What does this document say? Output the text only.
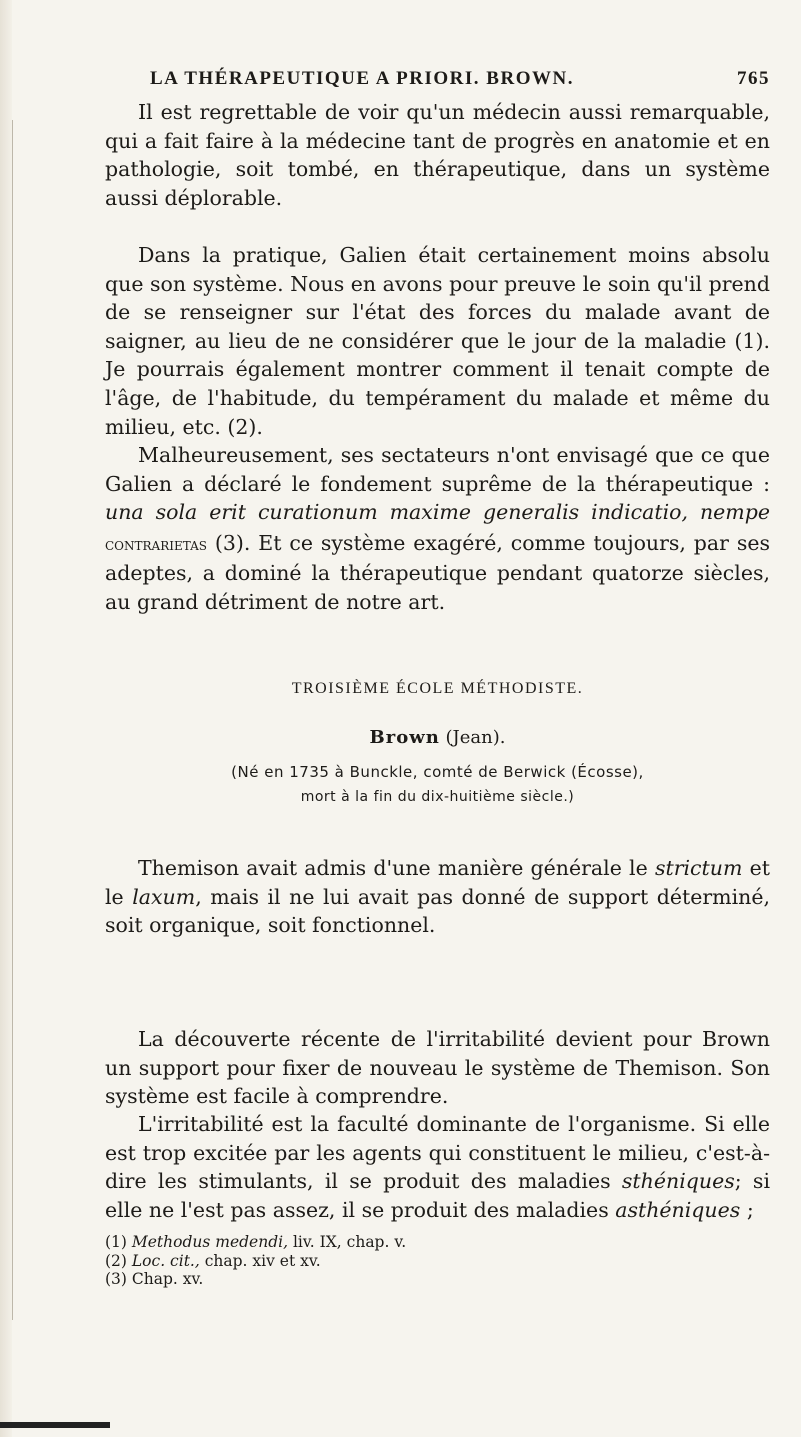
LA THÉRAPEUTIQUE A PRIORI. BROWN.	765

Il est regrettable de voir qu'un médecin aussi remarquable, qui a fait faire à la médecine tant de progrès en anatomie et en pathologie, soit tombé, en thérapeutique, dans un système aussi déplorable.

Dans la pratique, Galien était certainement moins absolu que son système. Nous en avons pour preuve le soin qu'il prend de se renseigner sur l'état des forces du malade avant de saigner, au lieu de ne considérer que le jour de la maladie (1). Je pourrais également montrer comment il tenait compte de l'âge, de l'habitude, du tempérament du malade et même du milieu, etc. (2).

Malheureusement, ses sectateurs n'ont envisagé que ce que Galien a déclaré le fondement suprême de la thérapeutique : una sola erit curationum maxime generalis indicatio, nempe contrarietas (3). Et ce système exagéré, comme toujours, par ses adeptes, a dominé la thérapeutique pendant quatorze siècles, au grand détriment de notre art.

TROISIÈME ÉCOLE MÉTHODISTE.

Brown (Jean).

(Né en 1735 à Bunckle, comté de Berwick (Écosse),

mort à la fin du dix-huitième siècle.)

Themison avait admis d'une manière générale le strictum et le laxum, mais il ne lui avait pas donné de support déterminé, soit organique, soit fonctionnel.

La découverte récente de l'irritabilité devient pour Brown un support pour fixer de nouveau le système de Themison. Son système est facile à comprendre.

L'irritabilité est la faculté dominante de l'organisme. Si elle est trop excitée par les agents qui constituent le milieu, c'est-à-dire les stimulants, il se produit des maladies sthéniques; si elle ne l'est pas assez, il se produit des maladies asthéniques ;

(1) Methodus medendi, liv. IX, chap. v.
(2) Loc. cit., chap. xiv et xv.
(3) Chap. xv.
